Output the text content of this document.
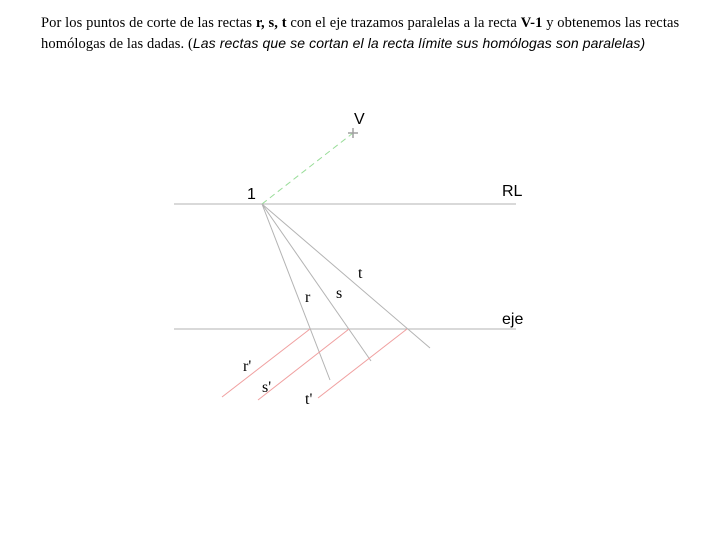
Por los puntos de corte de las rectas r, s, t con el eje trazamos paralelas a la recta V-1 y obtenemos las rectas homólogas de las dadas. (Las rectas que se cortan el la recta límite sus homólogas son paralelas)
V
1	RL
eje
r s
t
r'
s'
t'
